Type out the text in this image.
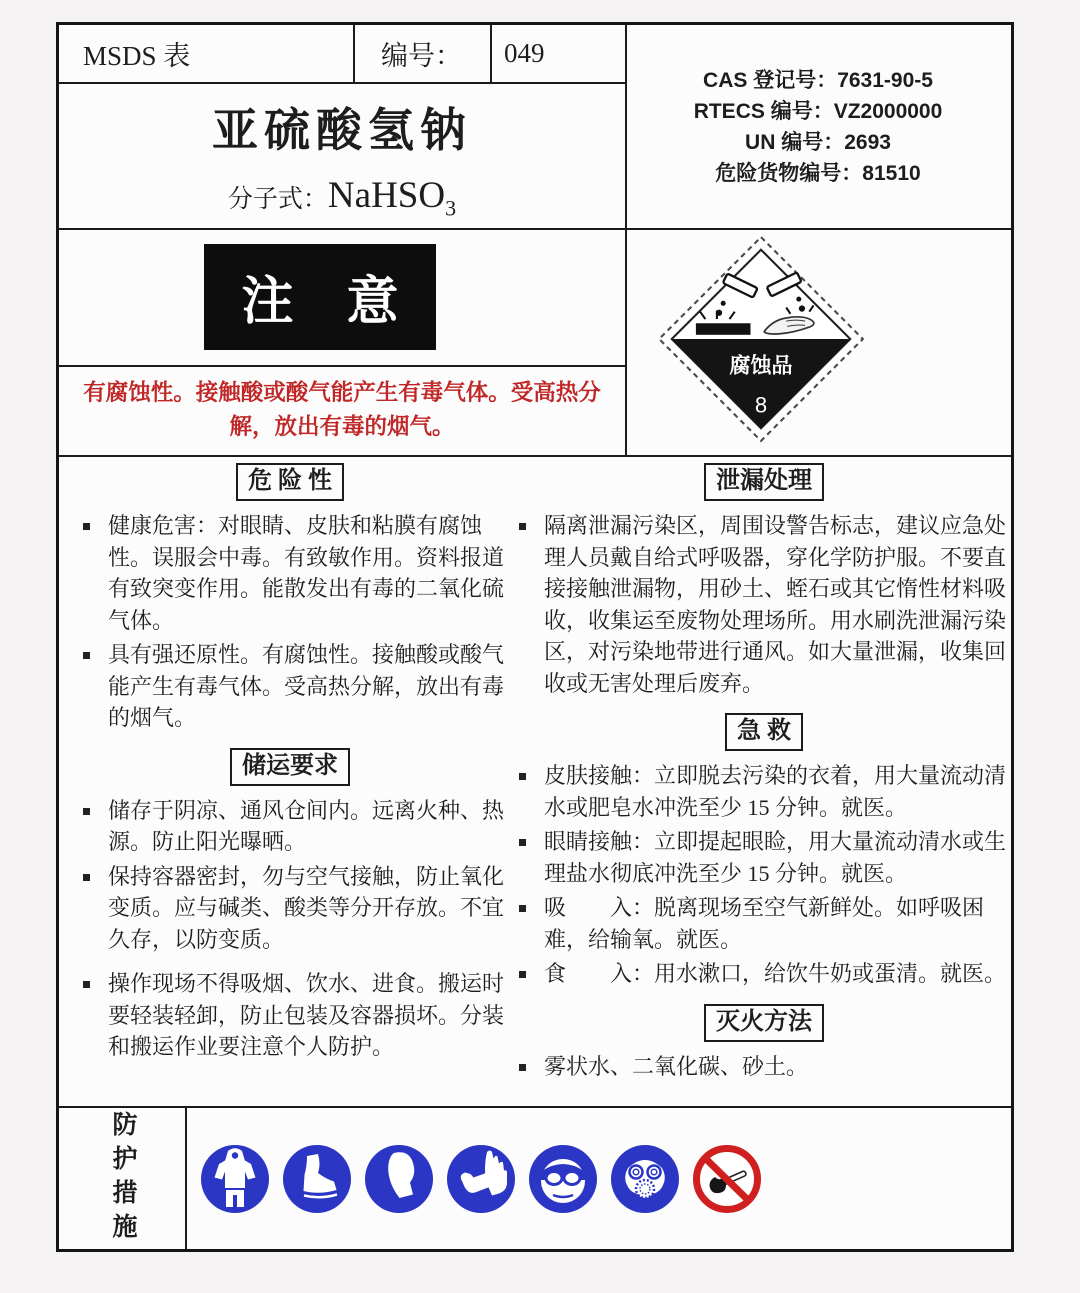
MSDS 表	编号：	049
亚硫酸氢钠
分子式：NaHSO$_3$
CAS 登记号：7631-90-5
RTECS 编号：VZ2000000
UN 编号：2693
危险货物编号：81510
注 意
有腐蚀性。接触酸或酸气能产生有毒气体。受高热分解，放出有毒的烟气。
腐蚀品
8
危 险 性
健康危害：对眼睛、皮肤和粘膜有腐蚀性。误服会中毒。有致敏作用。资料报道有致突变作用。能散发出有毒的二氧化硫气体。
具有强还原性。有腐蚀性。接触酸或酸气能产生有毒气体。受高热分解，放出有毒的烟气。
储运要求
储存于阴凉、通风仓间内。远离火种、热源。防止阳光曝晒。
保持容器密封，勿与空气接触，防止氧化变质。应与碱类、酸类等分开存放。不宜久存，以防变质。
操作现场不得吸烟、饮水、进食。搬运时要轻装轻卸，防止包装及容器损坏。分装和搬运作业要注意个人防护。
泄漏处理
隔离泄漏污染区，周围设警告标志，建议应急处理人员戴自给式呼吸器，穿化学防护服。不要直接接触泄漏物，用砂土、蛭石或其它惰性材料吸收，收集运至废物处理场所。用水刷洗泄漏污染区，对污染地带进行通风。如大量泄漏，收集回收或无害处理后废弃。
急 救
皮肤接触：立即脱去污染的衣着，用大量流动清水或肥皂水冲洗至少 15 分钟。就医。
眼睛接触：立即提起眼睑，用大量流动清水或生理盐水彻底冲洗至少 15 分钟。就医。
吸　　入：脱离现场至空气新鲜处。如呼吸困难，给输氧。就医。
食　　入：用水漱口，给饮牛奶或蛋清。就医。
灭火方法
雾状水、二氧化碳、砂土。
防护措施
